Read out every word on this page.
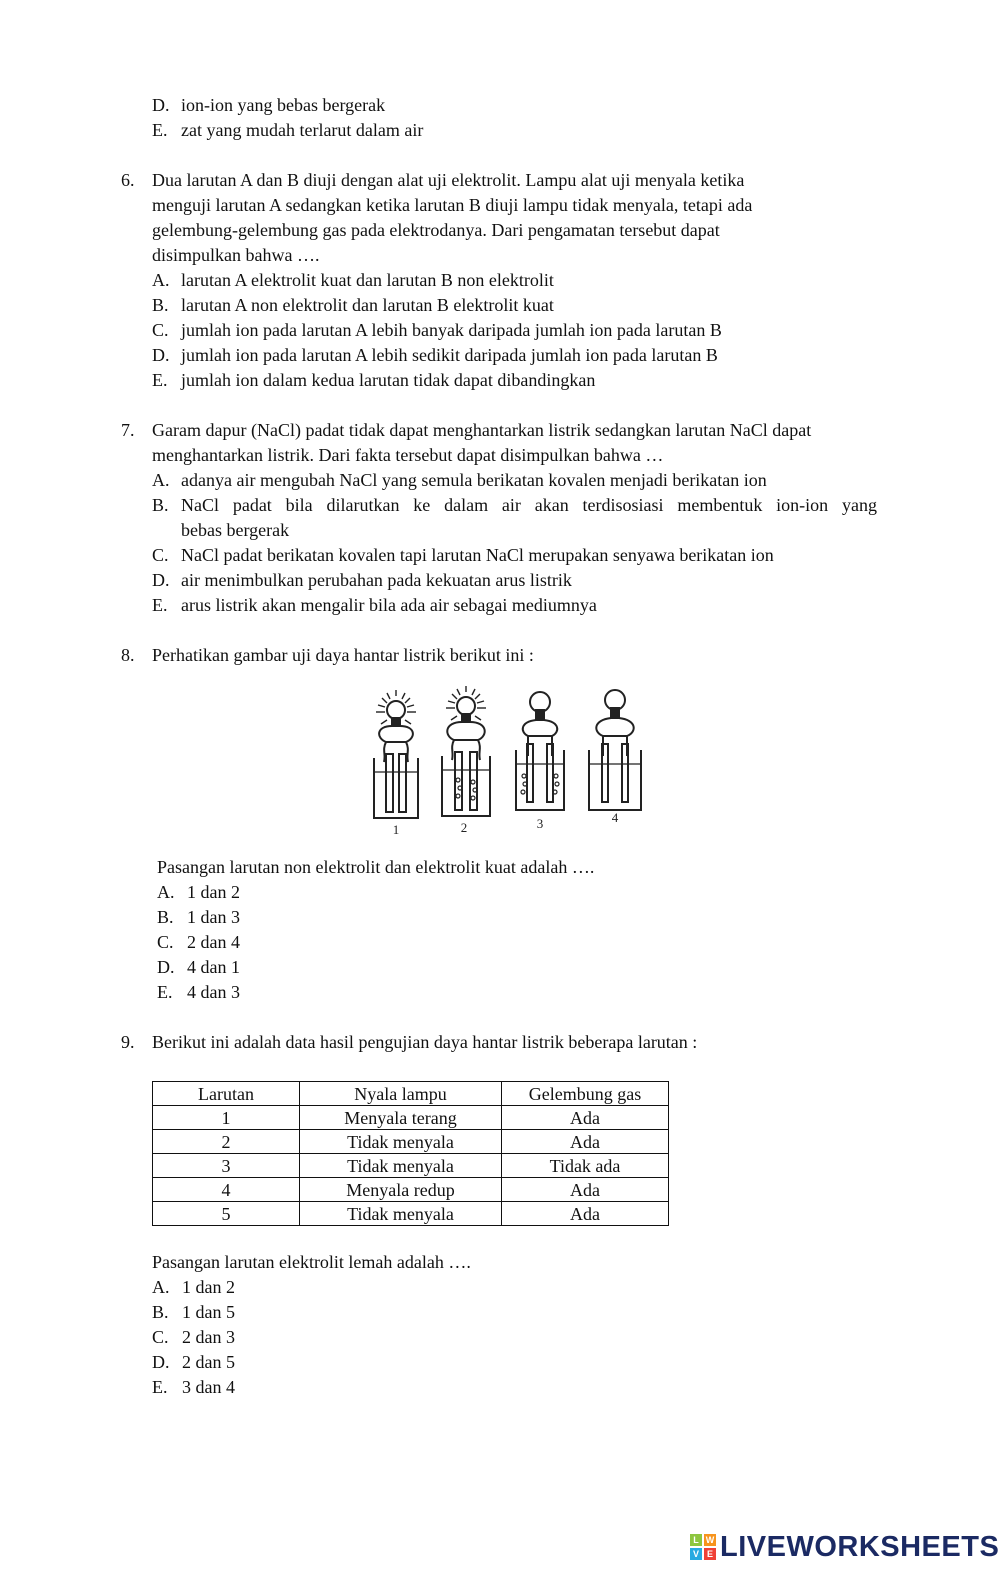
D. ion-ion yang bebas bergerak
E. zat yang mudah terlarut dalam air
6. Dua larutan A dan B diuji dengan alat uji elektrolit. Lampu alat uji menyala ketika
menguji larutan A sedangkan ketika larutan B diuji lampu tidak menyala, tetapi ada
gelembung-gelembung gas pada elektrodanya. Dari pengamatan tersebut dapat
disimpulkan bahwa ….
A. larutan A elektrolit kuat dan larutan B non elektrolit
B. larutan A non elektrolit dan larutan B elektrolit kuat
C. jumlah ion pada larutan A lebih banyak daripada jumlah ion pada larutan B
D. jumlah ion pada larutan A lebih sedikit daripada jumlah ion pada larutan B
E. jumlah ion dalam kedua larutan tidak dapat dibandingkan
7. Garam dapur (NaCl) padat tidak dapat menghantarkan listrik sedangkan larutan NaCl dapat
menghantarkan listrik. Dari fakta tersebut dapat disimpulkan bahwa …
A. adanya air mengubah NaCl yang semula berikatan kovalen menjadi berikatan ion
B. NaCl padat bila dilarutkan ke dalam air akan terdisosiasi membentuk ion-ion yang
bebas bergerak
C. NaCl padat berikatan kovalen tapi larutan NaCl merupakan senyawa berikatan ion
D. air menimbulkan perubahan pada kekuatan arus listrik
E. arus listrik akan mengalir bila ada air sebagai mediumnya
8. Perhatikan gambar uji daya hantar listrik berikut ini :
1	2	3	4
Pasangan larutan non elektrolit dan elektrolit kuat adalah ….
A. 1 dan 2
B. 1 dan 3
C. 2 dan 4
D. 4 dan 1
E. 4 dan 3
9. Berikut ini adalah data hasil pengujian daya hantar listrik beberapa larutan :
Larutan	Nyala lampu	Gelembung gas
1	Menyala terang	Ada
2	Tidak menyala	Ada
3	Tidak menyala	Tidak ada
4	Menyala redup	Ada
5	Tidak menyala	Ada
Pasangan larutan elektrolit lemah adalah ….
A. 1 dan 2
B. 1 dan 5
C. 2 dan 3
D. 2 dan 5
E. 3 dan 4
L W
V E LIVEWORKSHEETS
